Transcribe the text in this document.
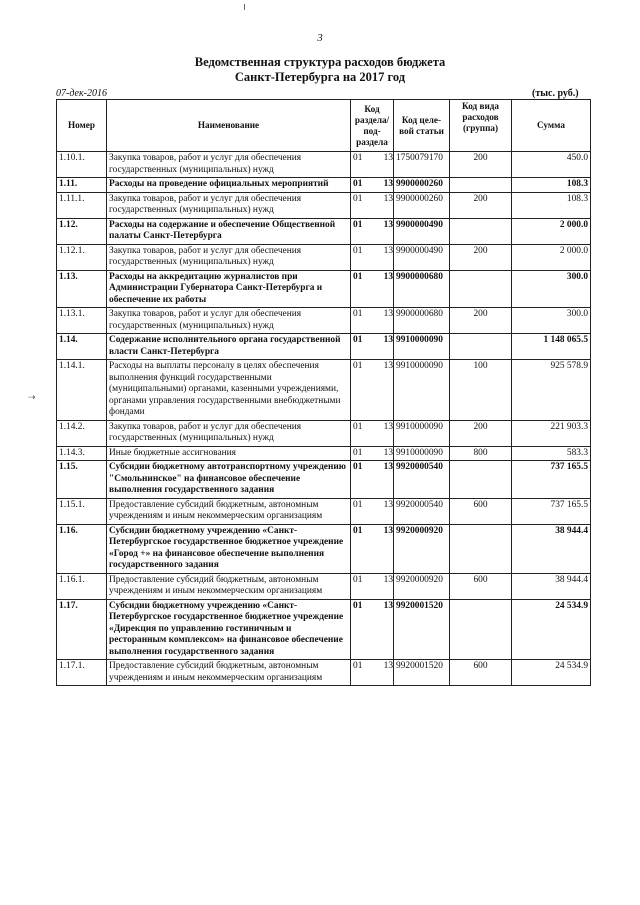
3
Ведомственная структура расходов бюджета
Санкт-Петербурга на 2017 год
07-дек-2016	(тыс. руб.)
⇢
Номер	Наименование	Код раздела/ под-раздела	Код целе-вой статьи	Код вида расходов (группа)	Сумма
1.10.1.	Закупка товаров, работ и услуг для обеспечения государственных (муниципальных) нужд	01 13	1750079170	200	450.0
1.11.	Расходы на проведение официальных мероприятий	01 13	9900000260		108.3
1.11.1.	Закупка товаров, работ и услуг для обеспечения государственных (муниципальных) нужд	01 13	9900000260	200	108.3
1.12.	Расходы на содержание и обеспечение Общественной палаты Санкт-Петербурга	01 13	9900000490		2 000.0
1.12.1.	Закупка товаров, работ и услуг для обеспечения государственных (муниципальных) нужд	01 13	9900000490	200	2 000.0
1.13.	Расходы на аккредитацию журналистов при Администрации Губернатора Санкт-Петербурга и обеспечение их работы	01 13	9900000680		300.0
1.13.1.	Закупка товаров, работ и услуг для обеспечения государственных (муниципальных) нужд	01 13	9900000680	200	300.0
1.14.	Содержание исполнительного органа государственной власти Санкт-Петербурга	01 13	9910000090		1 148 065.5
1.14.1.	Расходы на выплаты персоналу в целях обеспечения выполнения функций государственными (муниципальными) органами, казенными учреждениями, органами управления государственными внебюджетными фондами	01 13	9910000090	100	925 578.9
1.14.2.	Закупка товаров, работ и услуг для обеспечения государственных (муниципальных) нужд	01 13	9910000090	200	221 903.3
1.14.3.	Иные бюджетные ассигнования	01 13	9910000090	800	583.3
1.15.	Субсидии бюджетному автотранспортному учреждению "Смольнинское" на финансовое обеспечение выполнения государственного задания	01 13	9920000540		737 165.5
1.15.1.	Предоставление субсидий бюджетным, автономным учреждениям и иным некоммерческим организациям	01 13	9920000540	600	737 165.5
1.16.	Субсидии бюджетному учреждению «Санкт-Петербургское государственное бюджетное учреждение «Город +» на финансовое обеспечение выполнения государственного задания	01 13	9920000920		38 944.4
1.16.1.	Предоставление субсидий бюджетным, автономным учреждениям и иным некоммерческим организациям	01 13	9920000920	600	38 944.4
1.17.	Субсидии бюджетному учреждению «Санкт-Петербургское государственное бюджетное учреждение «Дирекция по управлению гостиничным и ресторанным комплексом» на финансовое обеспечение выполнения государственного задания	01 13	9920001520		24 534.9
1.17.1.	Предоставление субсидий бюджетным, автономным учреждениям и иным некоммерческим организациям	01 13	9920001520	600	24 534.9
